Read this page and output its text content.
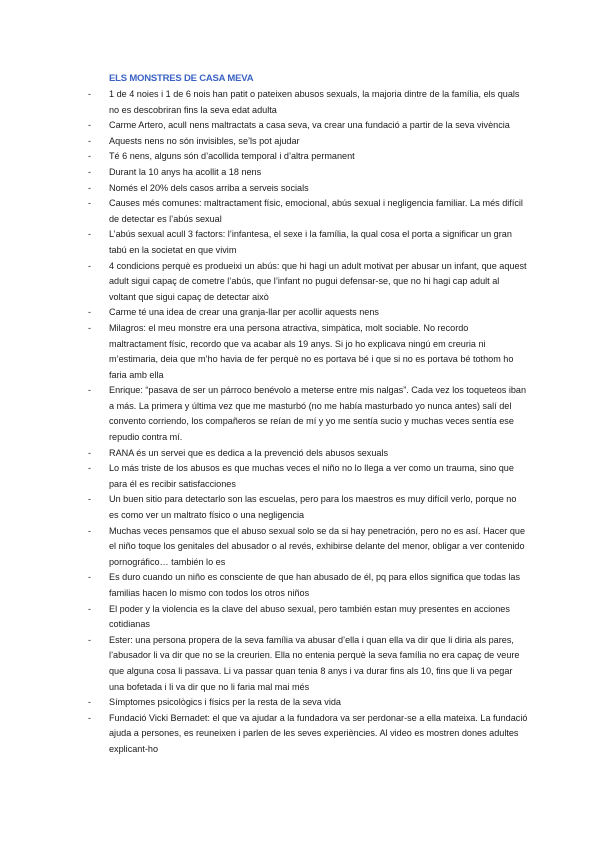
ELS MONSTRES DE CASA MEVA
- 1 de 4 noies i 1 de 6 nois han patit o pateixen abusos sexuals, la majoria dintre de la família, els quals no es descobriran fins la seva edat adulta
- Carme Artero, acull nens maltractats a casa seva, va crear una fundació a partir de la seva vivència
- Aquests nens no són invisibles, se’ls pot ajudar
- Té 6 nens, alguns són d’acollida temporal i d’altra permanent
- Durant la 10 anys ha acollit a 18 nens
- Només el 20% dels casos arriba a serveis socials
- Causes més comunes: maltractament físic, emocional, abús sexual i negligencia familiar. La més difícil de detectar es l’abús sexual
- L’abús sexual acull 3 factors: l’infantesa, el sexe i la família, la qual cosa el porta a significar un gran tabú en la societat en que vivim
- 4 condicions perquè es produeixi un abús: que hi hagi un adult motivat per abusar un infant, que aquest adult sigui capaç de cometre l’abús, que l’infant no pugui defensar-se, que no hi hagi cap adult al voltant que sigui capaç de detectar això
- Carme té una idea de crear una granja-llar per acollir aquests nens
- Milagros: el meu monstre era una persona atractiva, simpàtica, molt sociable. No recordo maltractament físic, recordo que va acabar als 19 anys. Si jo ho explicava ningú em creuria ni m’estimaria, deia que m’ho havia de fer perquè no es portava bé i que si no es portava bé tothom ho faria amb ella
- Enrique: “pasava de ser un párroco benévolo a meterse entre mis nalgas”. Cada vez los toqueteos iban a más. La primera y última vez que me masturbó (no me había masturbado yo nunca antes) salí del convento corriendo, los compañeros se reían de mí y yo me sentía sucio y muchas veces sentía ese repudio contra mí.
- RANA és un servei que es dedica a la prevenció dels abusos sexuals
- Lo más triste de los abusos es que muchas veces el niño no lo llega a ver como un trauma, sino que para él es recibir satisfacciones
- Un buen sitio para detectarlo son las escuelas, pero para los maestros es muy difícil verlo, porque no es como ver un maltrato físico o una negligencia
- Muchas veces pensamos que el abuso sexual solo se da si hay penetración, pero no es así. Hacer que el niño toque los genitales del abusador o al revés, exhibirse delante del menor, obligar a ver contenido pornográfico… también lo es
- Es duro cuando un niño es consciente de que han abusado de él, pq para ellos significa que todas las familias hacen lo mismo con todos los otros niños
- El poder y la violencia es la clave del abuso sexual, pero también estan muy presentes en acciones cotidianas
- Ester: una persona propera de la seva família va abusar d’ella i quan ella va dir que li diria als pares, l’abusador li va dir que no se la creurien. Ella no entenia perquè la seva família no era capaç de veure que alguna cosa li passava. Li va passar quan tenia 8 anys i va durar fins als 10, fins que li va pegar una bofetada i li va dir que no li faria mal mai més
- Símptomes psicològics i físics per la resta de la seva vida
- Fundació Vicki Bernadet: el que va ajudar a la fundadora va ser perdonar-se a ella mateixa. La fundació ajuda a persones, es reuneixen i parlen de les seves experiències. Al video es mostren dones adultes explicant-ho
